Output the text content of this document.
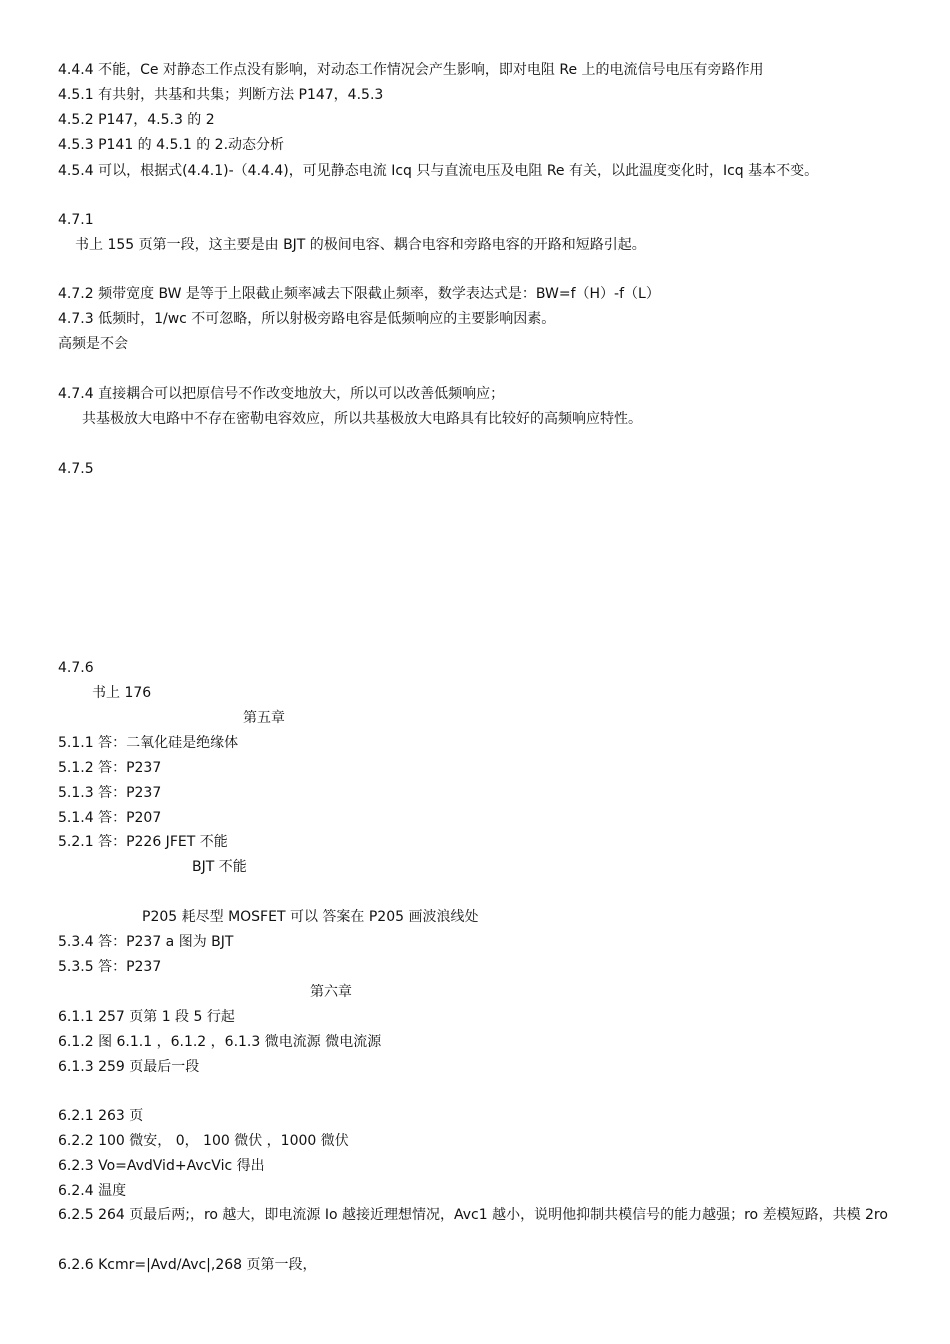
4.4.4 不能，Ce 对静态工作点没有影响，对动态工作情况会产生影响，即对电阻 Re 上的电流信号电压有旁路作用
4.5.1 有共射，共基和共集；判断方法 P147，4.5.3
4.5.2 P147，4.5.3 的 2
4.5.3 P141 的 4.5.1 的 2.动态分析
4.5.4 可以，根据式(4.4.1)-（4.4.4)，可见静态电流 Icq 只与直流电压及电阻 Re 有关，以此温度变化时，Icq 基本不变。
4.7.1
书上 155 页第一段，这主要是由 BJT 的极间电容、耦合电容和旁路电容的开路和短路引起。
4.7.2 频带宽度 BW 是等于上限截止频率减去下限截止频率，数学表达式是：BW=f（H）-f（L）
4.7.3 低频时，1/wc 不可忽略，所以射极旁路电容是低频响应的主要影响因素。
高频是不会
4.7.4 直接耦合可以把原信号不作改变地放大，所以可以改善低频响应；
共基极放大电路中不存在密勒电容效应，所以共基极放大电路具有比较好的高频响应特性。
4.7.5
4.7.6
书上 176
第五章
5.1.1 答：二氧化硅是绝缘体
5.1.2 答：P237
5.1.3 答：P237
5.1.4 答：P207
5.2.1 答：P226 JFET 不能
BJT 不能
P205 耗尽型 MOSFET 可以 答案在 P205 画波浪线处
5.3.4 答：P237 a 图为 BJT
5.3.5 答：P237
第六章
6.1.1 257 页第 1 段 5 行起
6.1.2 图 6.1.1 ，6.1.2 ，6.1.3 微电流源 微电流源
6.1.3 259 页最后一段
6.2.1 263 页
6.2.2 100 微安， 0， 100 微伏 ，1000 微伏
6.2.3 Vo=AvdVid+AvcVic 得出
6.2.4 温度
6.2.5 264 页最后两;，ro 越大，即电流源 Io 越接近理想情况，Avc1 越小，说明他抑制共模信号的能力越强；ro 差模短路，共模 2ro
6.2.6 Kcmr=|Avd/Avc|,268 页第一段，
